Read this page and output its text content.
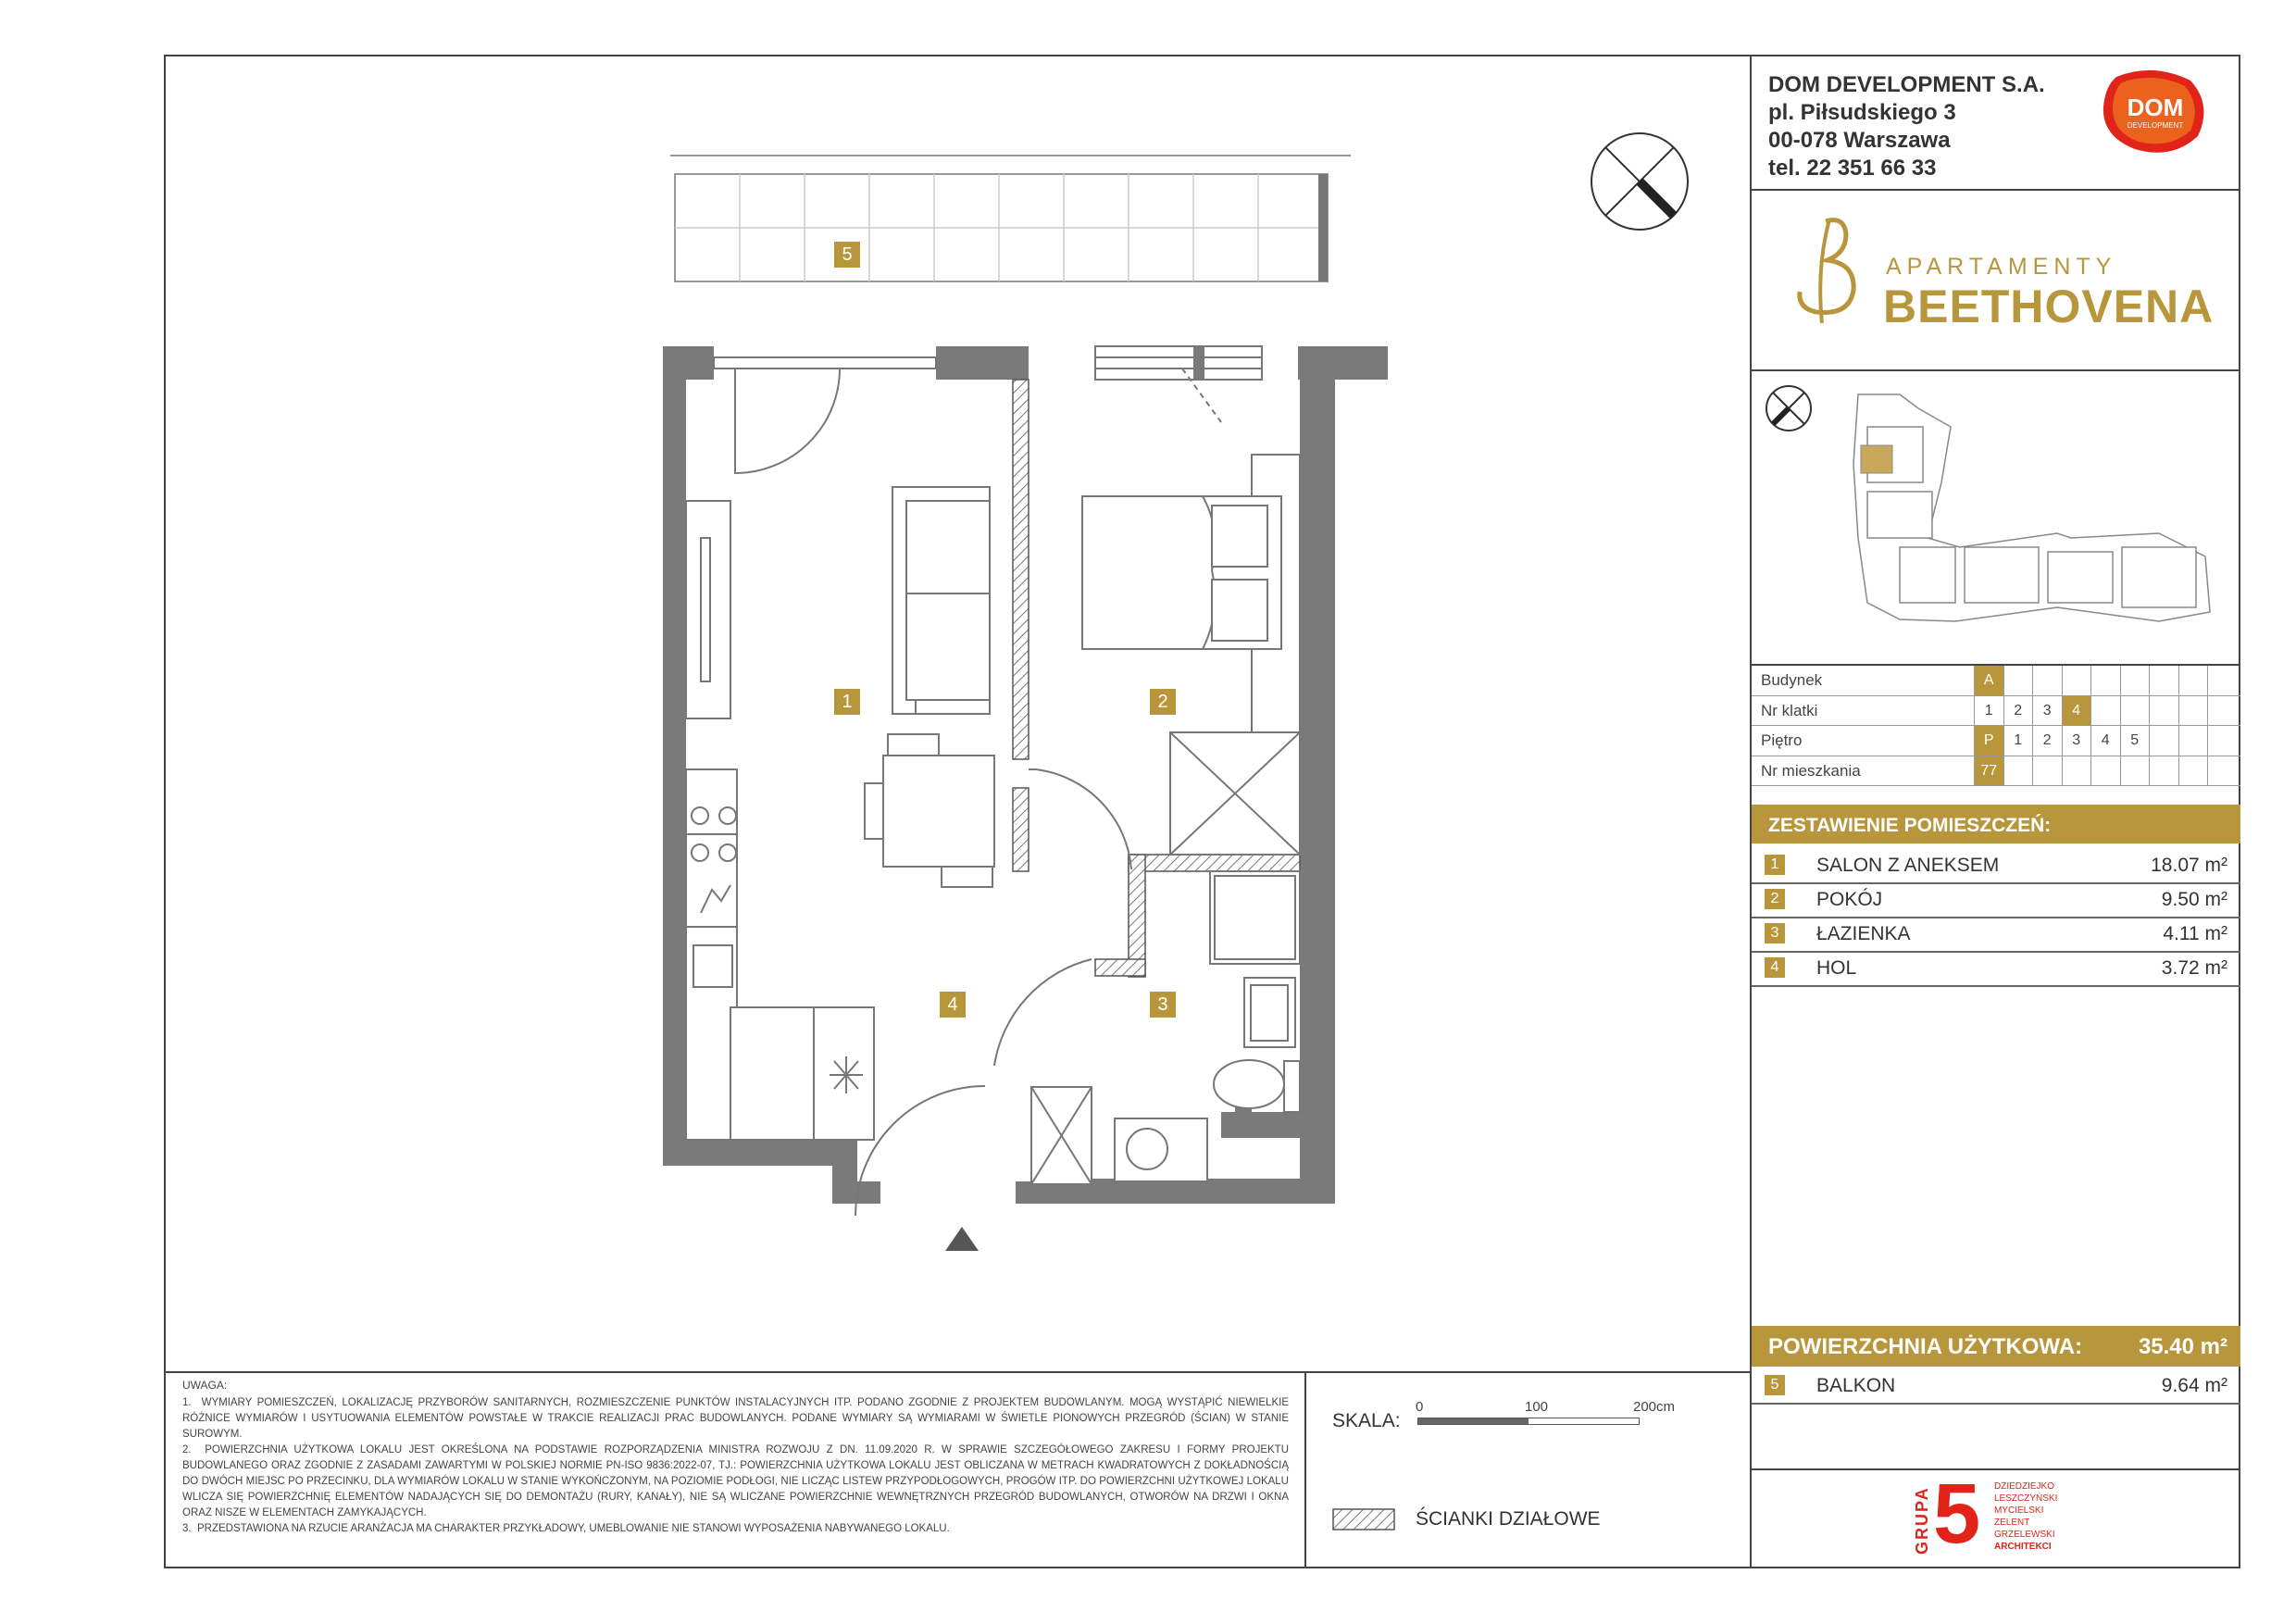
1	2
3
4
5
UWAGA:

1.  WYMIARY POMIESZCZEŃ, LOKALIZACJĘ PRZYBORÓW SANITARNYCH, ROZMIESZCZENIE PUNKTÓW INSTALACYJNYCH ITP. PODANO ZGODNIE Z PROJEKTEM BUDOWLANYM. MOGĄ WYSTĄPIĆ NIEWIELKIE RÓŻNICE WYMIARÓW I USYTUOWANIA ELEMENTÓW POWSTAŁE W TRAKCIE REALIZACJI PRAC BUDOWLANYCH. PODANE WYMIARY SĄ WYMIARAMI W ŚWIETLE PIONOWYCH PRZEGRÓD (ŚCIAN) W STANIE SUROWYM.

2.  POWIERZCHNIA UŻYTKOWA LOKALU JEST OKREŚLONA NA PODSTAWIE ROZPORZĄDZENIA MINISTRA ROZWOJU Z DN. 11.09.2020 R. W SPRAWIE SZCZEGÓŁOWEGO ZAKRESU I FORMY PROJEKTU BUDOWLANEGO ORAZ ZGODNIE Z ZASADAMI ZAWARTYMI W POLSKIEJ NORMIE PN-ISO 9836:2022-07, TJ.: POWIERZCHNIA UŻYTKOWA LOKALU JEST OBLICZANA W METRACH KWADRATOWYCH Z DOKŁADNOŚCIĄ DO DWÓCH MIEJSC PO PRZECINKU, DLA WYMIARÓW LOKALU W STANIE WYKOŃCZONYM, NA POZIOMIE PODŁOGI, NIE LICZĄC LISTEW PRZYPODŁOGOWYCH, PROGÓW ITP. DO POWIERZCHNI UŻYTKOWEJ LOKALU WLICZA SIĘ POWIERZCHNIĘ ELEMENTÓW NADAJĄCYCH SIĘ DO DEMONTAŻU (RURY, KANAŁY), NIE SĄ WLICZANE POWIERZCHNIE WEWNĘTRZNYCH PRZEGRÓD BUDOWLANYCH, OTWORÓW NA DRZWI I OKNA ORAZ NISZE W ELEMENTACH ZAMYKAJĄCYCH.

3.  PRZEDSTAWIONA NA RZUCIE ARANŻACJA MA CHARAKTER PRZYKŁADOWY, UMEBLOWANIE NIE STANOWI WYPOSAŻENIA NABYWANEGO LOKALU.

SKALA:
0	100	200cm
ŚCIANKI DZIAŁOWE
DOM DEVELOPMENT S.A.
pl. Piłsudskiego 3
00-078 Warszawa
tel. 22 351 66 33
DOM
DEVELOPMENT
APARTAMENTY
BEETHOVENA
Budynek	A
Nr klatki	1	2	3	4
Piętro	P	1	2	3	4	5
Nr mieszkania	77
ZESTAWIENIE POMIESZCZEŃ:
1	SALON Z ANEKSEM	18.07 m²
2	POKÓJ	9.50 m²
3	ŁAZIENKA	4.11 m²
4	HOL	3.72 m²
POWIERZCHNIA UŻYTKOWA:	35.40 m²
5	BALKON	9.64 m²
GRUPA 5 DZIEDZIEJKO
LESZCZYŃSKI
MYCIELSKI
ZELENT
GRZELEWSKI
ARCHITEKCI
